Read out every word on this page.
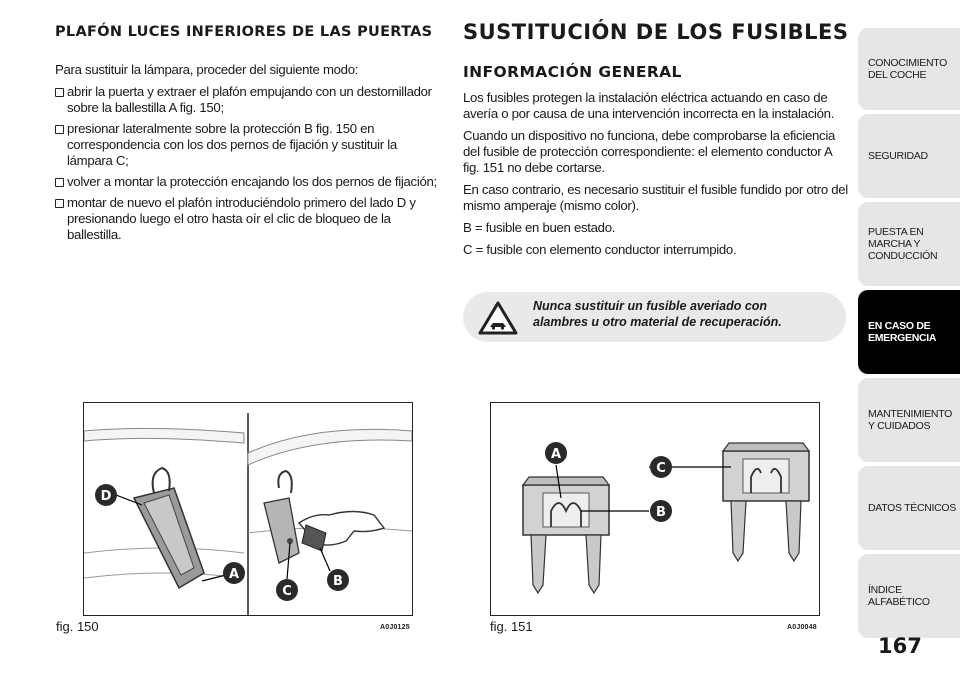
PLAFÓN LUCES INFERIORES DE LAS PUERTAS

Para sustituir la lámpara, proceder del siguiente modo:

abrir la puerta y extraer el plafón empujando con un destornillador sobre la ballestilla A fig. 150;
presionar lateralmente sobre la protección B fig. 150 en correspondencia con los dos pernos de fijación y sustituir la lámpara C;
volver a montar la protección encajando los dos pernos de fijación;
montar de nuevo el plafón introduciéndolo primero del lado D y presionando luego el otro hasta oír el clic de bloqueo de la ballestilla.
SUSTITUCIÓN DE LOS FUSIBLES
INFORMACIÓN GENERAL

Los fusibles protegen la instalación eléctrica actuando en caso de avería o por causa de una intervención incorrecta en la instalación.

Cuando un dispositivo no funciona, debe comprobarse la eficiencia del fusible de protección correspondiente: el elemento conductor A fig. 151 no debe cortarse.

En caso contrario, es necesario sustituir el fusible fundido por otro del mismo amperaje (mismo color).

B = fusible en buen estado.

C = fusible con elemento conductor interrumpido.

Nunca sustituir un fusible averiado con alambres u otro material de recuperación.
D
A
C
B
fig. 150	A0J0125
A
C
B
fig. 151	A0J0048
CONOCIMIENTO DEL COCHE
SEGURIDAD
PUESTA EN MARCHA Y CONDUCCIÓN
EN CASO DE EMERGENCIA
MANTENIMIENTO Y CUIDADOS
DATOS TÉCNICOS
ÍNDICE ALFABÉTICO
167
